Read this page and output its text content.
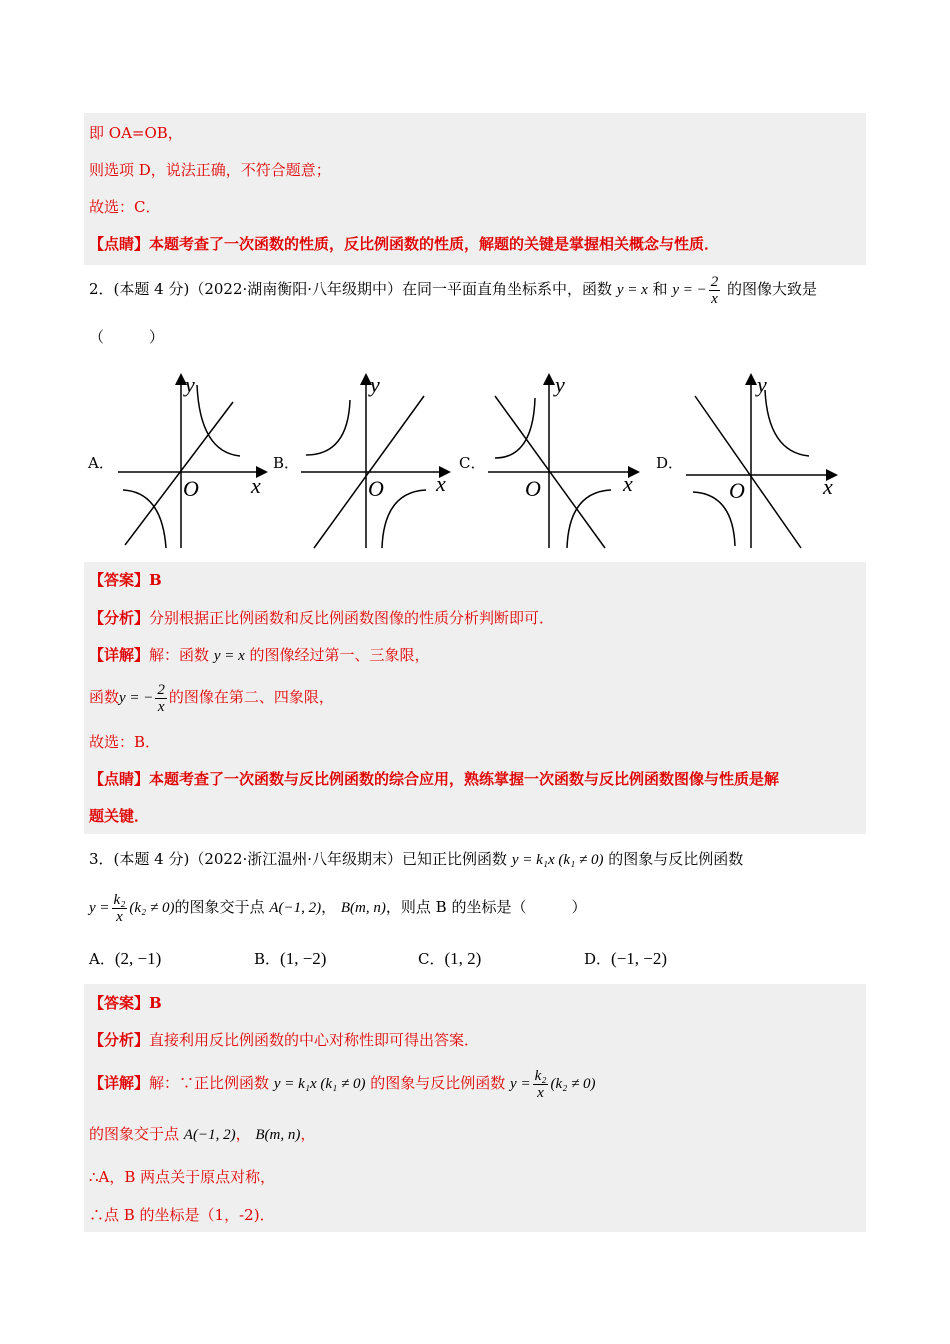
即 OA=OB，
则选项 D，说法正确，不符合题意；
故选：C．
【点睛】本题考查了一次函数的性质，反比例函数的性质，解题的关键是掌握相关概念与性质．
2．(本题 4 分)（2022·湖南衡阳·八年级期中）在同一平面直角坐标系中，函数 y = x 和 y = − $\frac{2}{x}$ 的图像大致是
（　　　）
A．	B．	C．	D．
y
x
O
y
x
O
y
x
O
y
x
O
【答案】B
【分析】分别根据正比例函数和反比例函数图像的性质分析判断即可．
【详解】解：函数 y = x 的图像经过第一、三象限，
函数y = − $\frac{2}{x}$ 的图像在第二、四象限，
故选：B．
【点睛】本题考查了一次函数与反比例函数的综合应用，熟练掌握一次函数与反比例函数图像与性质是解
题关键．
3．(本题 4 分)（2022·浙江温州·八年级期末）已知正比例函数 y = k₁x (k₁ ≠ 0) 的图象与反比例函数
$y = \frac{\text{k₂}}{x} (k_2 \ne 0)$的图象交于点 A(−1, 2)， B(m, n)，则点 B 的坐标是（　　　）
A．(2, −1)	B．(1, −2)	C．(1, 2)	D．(−1, −2)
【答案】B
【分析】直接利用反比例函数的中心对称性即可得出答案．
【详解】解：∵正比例函数 y = k₁x (k₁ ≠ 0) 的图象与反比例函数 $y = \frac{\text{k₂}}{x} (k_2 \ne 0)$
的图象交于点 A(−1, 2)， B(m, n)，
∴A，B 两点关于原点对称，
∴点 B 的坐标是（1，-2)．
